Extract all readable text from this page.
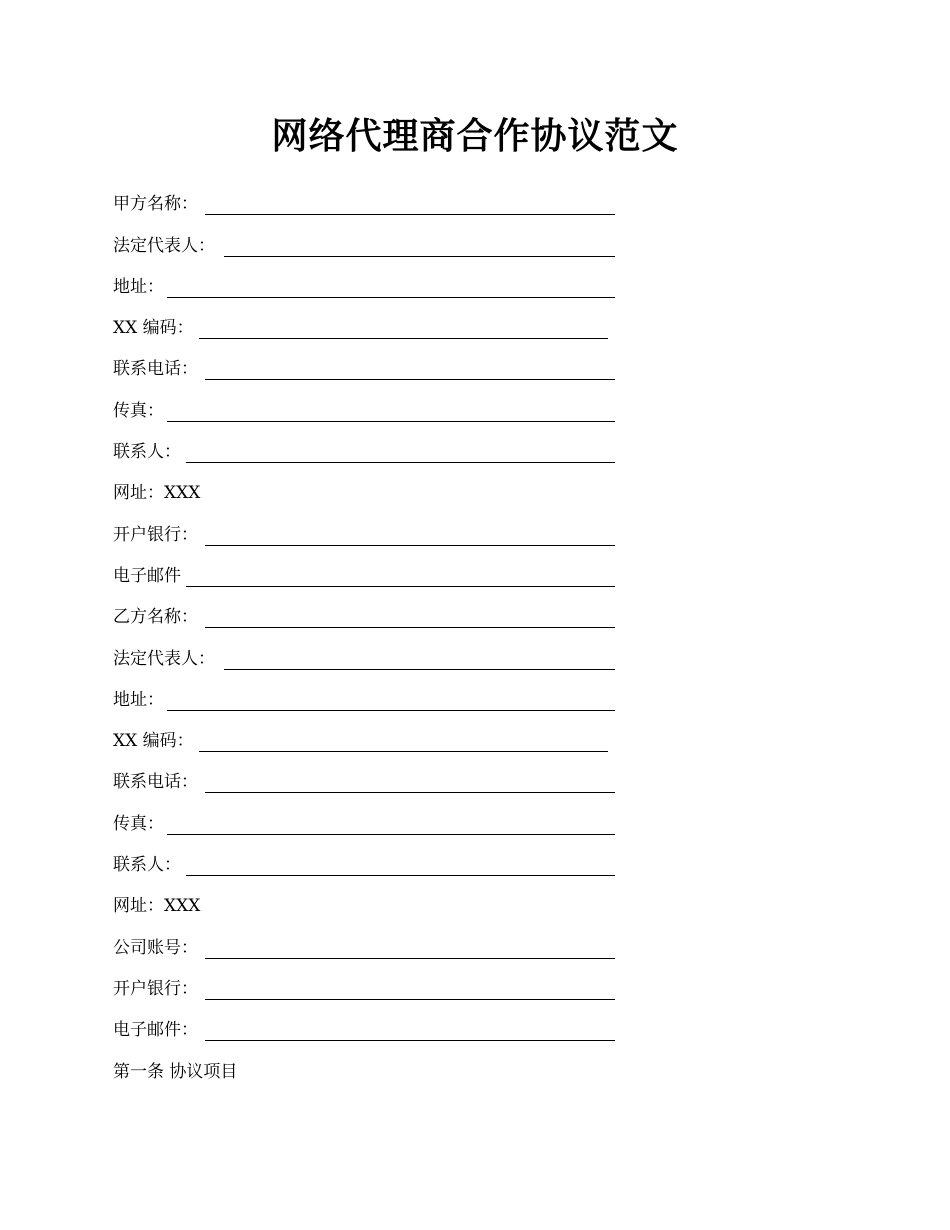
网络代理商合作协议范文
甲方名称：
法定代表人：
地址：
XX 编码：
联系电话：
传真：
联系人：
网址： XXX
开户银行：
电子邮件
乙方名称：
法定代表人：
地址：
XX 编码：
联系电话：
传真：
联系人：
网址： XXX
公司账号：
开户银行：
电子邮件：
第一条 协议项目
